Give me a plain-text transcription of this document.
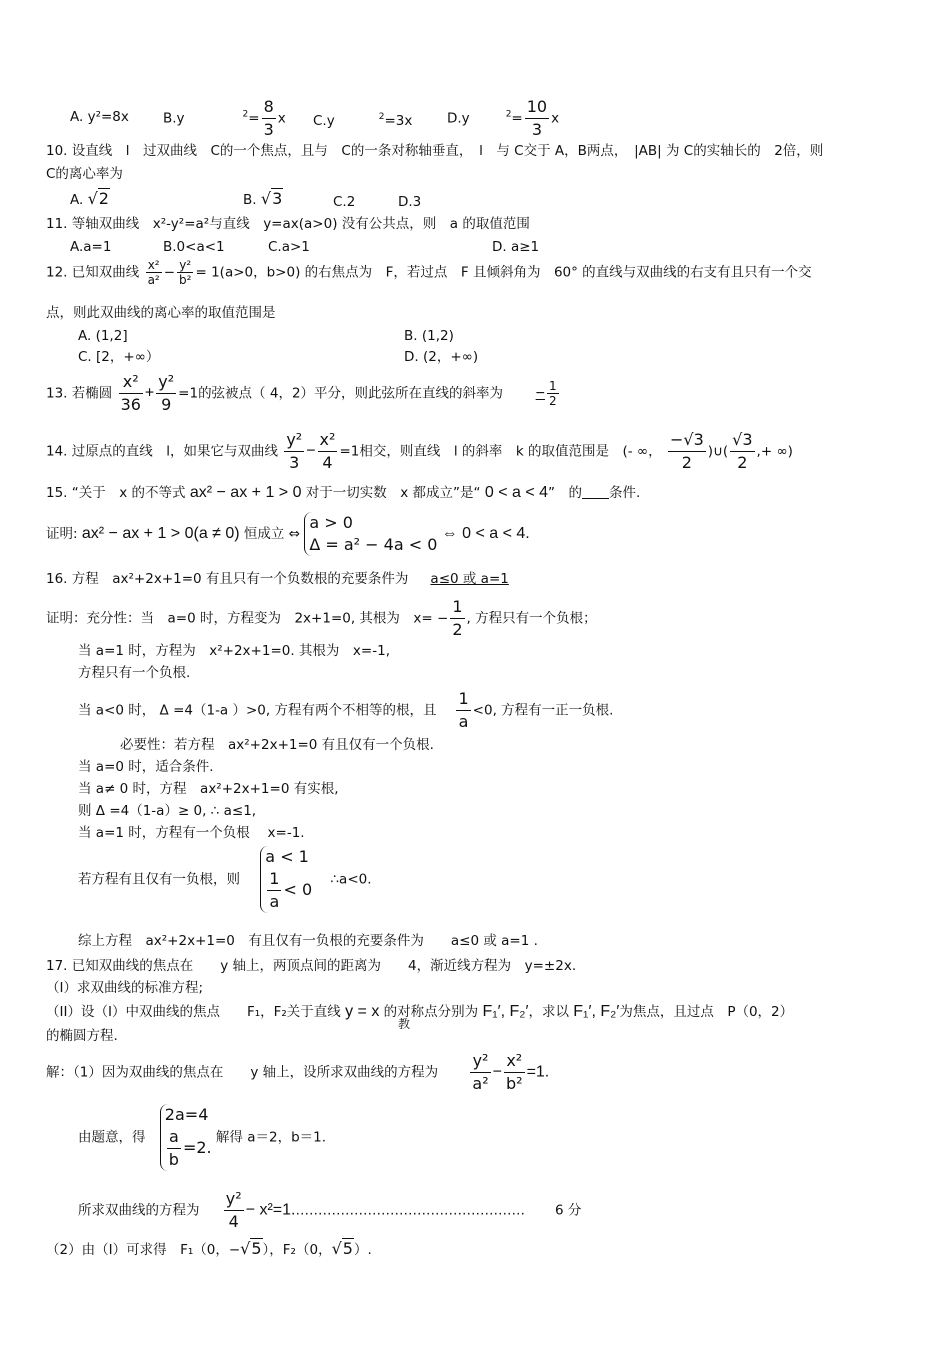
A. y²=8x	B.y	$^2= \frac{8}{3}$ x C.y	$^2$=3x	D.y	$^2= \frac{10}{3}$ x
10. 设直线　l　过双曲线　C的一个焦点，且与　C的一条对称轴垂直，　l　与 C交于 A，B两点，　|AB| 为 C的实轴长的　2倍，则
C的离心率为
A. √2	B. √3	C.2	D.3
11. 等轴双曲线　x²-y²=a²与直线　y=ax(a>0) 没有公共点，则　a 的取值范围
A.a=1	B.0<a<1	C.a>1	D. a≥1
12. 已知双曲线 $\frac{\text{x²}}{\text{a²}} - \frac{\text{y²}}{\text{b²}} = 1(a>0$，b>0) 的右焦点为　F，若过点　F 且倾斜角为　60° 的直线与双曲线的右支有且只有一个交
点，则此双曲线的离心率的取值范围是
A. (1,2]	B. (1,2)
C. [2，+∞）	D. (2，+∞)
13. 若椭圆 $\frac{\text{x²}}{36} + \frac{\text{y²}}{9} =1$的弦被点（ 4，2）平分，则此弦所在直线的斜率为 − $\frac{1}{2}$
14. 过原点的直线　l，如果它与双曲线 $\frac{\text{y²}}{3} - \frac{\text{x²}}{4} =1$相交，则直线　l 的斜率　k 的取值范围是　(- ∞， $\frac{-√3}{2}$ )∪( $\frac{√3}{2}$ ,+ ∞)
15. “关于　x 的不等式 ax² − ax + 1 > 0 对于一切实数　x 都成立”是“ 0 < a < 4”　的　　 条件.
证明: ax² − ax + 1 > 0(a ≠ 0) 恒成立 ⇔
a > 0
Δ = a² − 4a < 0
⇔ 0 < a < 4.
16. 方程　ax²+2x+1=0 有且只有一个负数根的充要条件为 a≤0 或 a=1
证明：充分性：当　a=0 时，方程变为　2x+1=0, 其根为　$x= - \frac{1}{2}$ , 方程只有一个负根；
当 a=1 时，方程为　x²+2x+1=0. 其根为　x=-1,
方程只有一个负根.
当 a<0 时， Δ =4（1-a ）>0, 方程有两个不相等的根，且 $\frac{1}{a} <0$, 方程有一正一负根.
必要性：若方程　ax²+2x+1=0 有且仅有一个负根.
当 a=0 时，适合条件.
当 a≠ 0 时，方程　ax²+2x+1=0 有实根,
则 Δ =4（1-a）≥ 0, ∴ a≤1,
当 a=1 时，方程有一个负根　 x=-1.
若方程有且仅有一负根，则
a < 1
$\frac{1}{a} < 0$
∴a<0.
综上方程　ax²+2x+1=0　有且仅有一负根的充要条件为　　a≤0 或 a=1 .
17. 已知双曲线的焦点在　　y 轴上，两顶点间的距离为　　4，渐近线方程为　y=±2x.
（I）求双曲线的标准方程;
（II）设（I）中双曲线的焦点　　F₁，F₂关于直线 y = x 的对称点分别为 F₁′, F₂′，求以 F₁′, F₂′为焦点，且过点　P（0，2）
教
的椭圆方程.
解：（1）因为双曲线的焦点在　　y 轴上，设所求双曲线的方程为 $\frac{\text{y²}}{\text{a²}} - \frac{\text{x²}}{\text{b²}} =1$.
由题意，得
2a=4
$\frac{a}{b} =2$.
解得 a＝2，b＝1.
所求双曲线的方程为 $\frac{\text{y²}}{4}$ − x²=1.…………………………………………… 6 分
（2）由（I）可求得　F₁（0，−√5），F₂（0，√5）.
